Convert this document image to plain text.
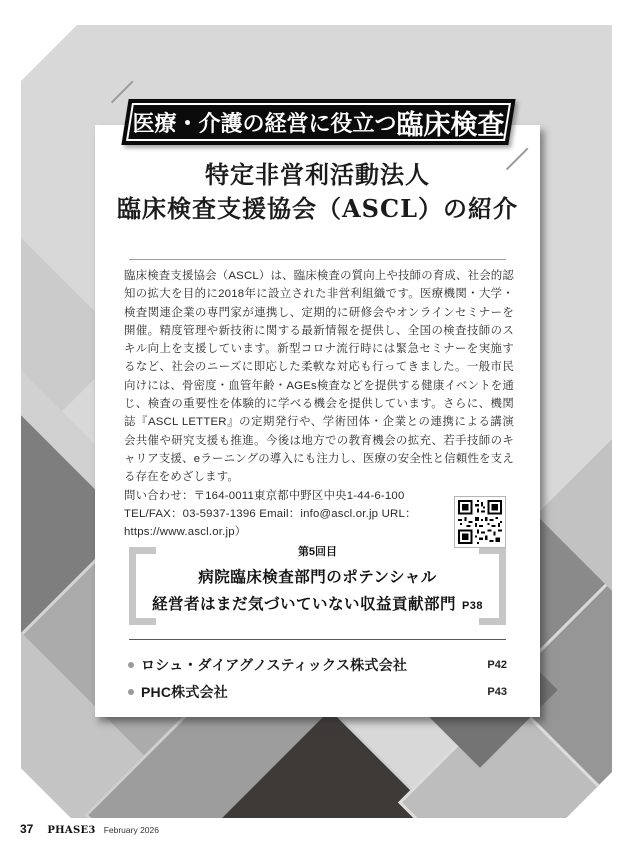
特定非営利活動法人
臨床検査支援協会（ASCL）の紹介
臨床検査支援協会（ASCL）は、臨床検査の質向上や技師の育成、社会的認知の拡大を目的に2018年に設立された非営利組織です。医療機関・大学・検査関連企業の専門家が連携し、定期的に研修会やオンラインセミナーを開催。精度管理や新技術に関する最新情報を提供し、全国の検査技師のスキル向上を支援しています。新型コロナ流行時には緊急セミナーを実施するなど、社会のニーズに即応した柔軟な対応も行ってきました。一般市民向けには、骨密度・血管年齢・AGEs検査などを提供する健康イベントを通じ、検査の重要性を体験的に学べる機会を提供しています。さらに、機関誌『ASCL LETTER』の定期発行や、学術団体・企業との連携による講演会共催や研究支援も推進。今後は地方での教育機会の拡充、若手技師のキャリア支援、eラーニングの導入にも注力し、医療の安全性と信頼性を支える存在をめざします。
問い合わせ：〒164-0011東京都中野区中央1-44-6-100
TEL/FAX：03-5937-1396 Email：info@ascl.or.jp URL：https://www.ascl.or.jp）
第5回目
病院臨床検査部門のポテンシャル
経営者はまだ気づいていない収益貢献部門 P38
ロシュ・ダイアグノスティックス株式会社	P42
PHC株式会社	P43
医療・介護の経営に役立つ 臨床検査
37 PHASE3 February 2026
